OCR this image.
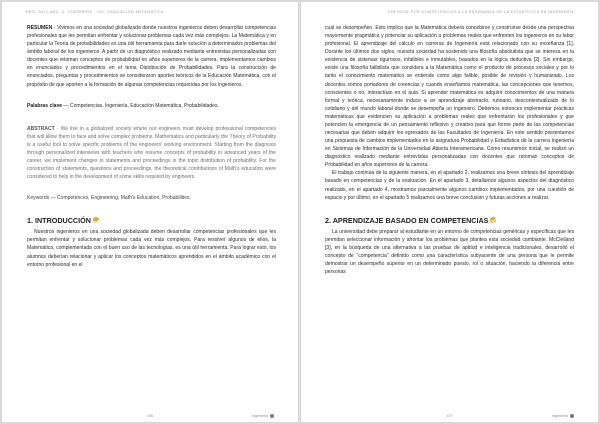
PRO. SAI LANG, D. GUERRERO · INC. EDUCACIÓN MATEMÁTICA

RESUMEN · Vivimos en una sociedad globalizada donde nuestros ingenieros deben desarrollar competencias profesionales que les permitan enfrentar y solucionar problemas cada vez más complejos. La Matemática y en particular la Teoría de probabilidades es una útil herramienta para darle solución a determinados problemas del ámbito laboral de los ingenieros. A partir de un diagnóstico realizado mediante entrevistas personalizadas con docentes que retoman conceptos de probabilidad en años superiores de la carrera, implementamos cambios en enunciados y procedimientos en el tema Distribución de Probabilidades. Para la construcción de enunciados, preguntas y procedimientos se consideraron aportes teóricos de la Educación Matemática, con el propósito de que aporten a la formación de algunas competencias requeridas por los ingenieros.

Palabras clave — Competencias, Ingeniería, Educación Matemática, Probabilidades.

ABSTRACT · We live in a globalized society where our engineers must develop professional competencies that will allow them to face and solve complex problems. Mathematics and particularly the Theory of Probability is a useful tool to solve specific problems of the engineers' working environment. Starting from the diagnosis through personalized interviews with teachers who resume concepts of probability in advanced years of the career, we implement changes in statements and proceedings in the topic distribution of probability. For the construction of statements, questions and proceedings, the theoretical contributions of Math's education were considered to help in the development of some skills required by engineers.

Keywords — Competences, Engineering, Math's Education, Probabilities.

1. INTRODUCCIÓN

Nuestros ingenieros en una sociedad globalizada deben desarrollar competencias profesionales que les permitan enfrentar y solucionar problemas cada vez más complejos. Para resolver algunos de ellos, la Matemática, complementada con el buen uso de las tecnologías, es una útil herramienta. Para lograr esto, los alumnos deberían relacionar y aplicar los conceptos matemáticos aprendidos en el ámbito académico con el entorno profesional en el

106	Ingeniería
ENFOQUE POR COMPETENCIAS A LA ENSEÑANZA DE LA ESTADÍSTICA EN INGENIERÍA

cual se desempeñen. Esto implica que la Matemática deberá concebirse y construirse desde una perspectiva mayormente pragmática y potenciar su aplicación a problemas reales que enfrenten los ingenieros en su labor profesional. El aprendizaje del cálculo en carreras de Ingeniería está relacionado con su enseñanza [1]. Durante los últimos dos siglos, nuestra sociedad ha sostenido una filosofía absolutista que se interesa en la existencia de sistemas rigurosos, infalibles e inmutables, basados en la lógica deductiva [2]. Sin embargo, existe una filosofía falibilista que considera a la Matemática como el producto de procesos sociales y por lo tanto el conocimiento matemático se entiende como algo falible, posible de revisión y humanizado. Los docentes somos portadores de creencias y cuando enseñamos matemática, las concepciones que tenemos, conscientes o no, interactúan en el aula. Si aprender matemática es adquirir conocimientos de una manera formal y teórica, necesariamente induce a un aprendizaje abstracto, rutinario, descontextualizado de lo cotidiano y del mundo laboral donde se desempeña un ingeniero. Debemos entonces implementar prácticas matemáticas que evidencien su aplicación a problemas reales que enfrentarán los profesionales y que potencien la emergencia de un pensamiento reflexivo y creativo para que forme parte de las competencias necesarias que deben adquirir los egresados de las Facultades de Ingeniería. En este sentido presentamos una propuesta de cambios implementados en la asignatura Probabilidad y Estadística de la carrera Ingeniería en Sistemas de Información de la Universidad Abierta Interamericana. Como resumimos inicial, se realizó un diagnóstico realizado mediante entrevistas personalizadas con docentes que retoman conceptos de Probabilidad en años superiores de la carrera.

El trabajo continúa de la siguiente manera, en el apartado 2, realizamos una breve síntesis del aprendizaje basado en competencias y de la evaluación. En el apartado 3, detallamos algunos aspectos del diagnóstico realizado, en el apartado 4, mostramos parcialmente algunos cambios implementados, por una cuestión de espacio y por último, en el apartado 5 realizamos una breve conclusión y futuras acciones a realizar.

2. APRENDIZAJE BASADO EN COMPETENCIAS

La universidad debe preparar al estudiante en un entorno de competencias genéricas y específicas que les permitan seleccionar información y afrontar los problemas que plantea esta sociedad cambiante. McClelland [3], en la búsqueda de una alternativa a las pruebas de aptitud e inteligencia tradicionales, desarrolló el concepto de “competencia” definido como una característica subyacente de una persona que le permite demostrar un desempeño superior en un determinado puesto, rol o situación, haciendo la diferencia entre personas

107	Ingeniería
